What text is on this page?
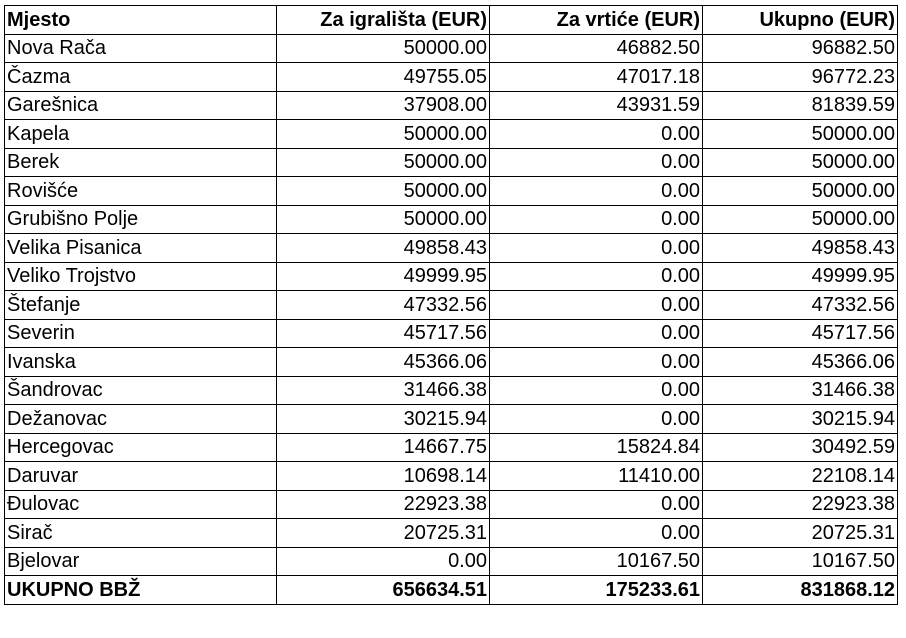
Mjesto	Za igrališta (EUR)	Za vrtiće (EUR)	Ukupno (EUR)
Nova Rača	50000.00	46882.50	96882.50
Čazma	49755.05	47017.18	96772.23
Garešnica	37908.00	43931.59	81839.59
Kapela	50000.00	0.00	50000.00
Berek	50000.00	0.00	50000.00
Rovišće	50000.00	0.00	50000.00
Grubišno Polje	50000.00	0.00	50000.00
Velika Pisanica	49858.43	0.00	49858.43
Veliko Trojstvo	49999.95	0.00	49999.95
Štefanje	47332.56	0.00	47332.56
Severin	45717.56	0.00	45717.56
Ivanska	45366.06	0.00	45366.06
Šandrovac	31466.38	0.00	31466.38
Dežanovac	30215.94	0.00	30215.94
Hercegovac	14667.75	15824.84	30492.59
Daruvar	10698.14	11410.00	22108.14
Đulovac	22923.38	0.00	22923.38
Sirač	20725.31	0.00	20725.31
Bjelovar	0.00	10167.50	10167.50
UKUPNO BBŽ	656634.51	175233.61	831868.12
